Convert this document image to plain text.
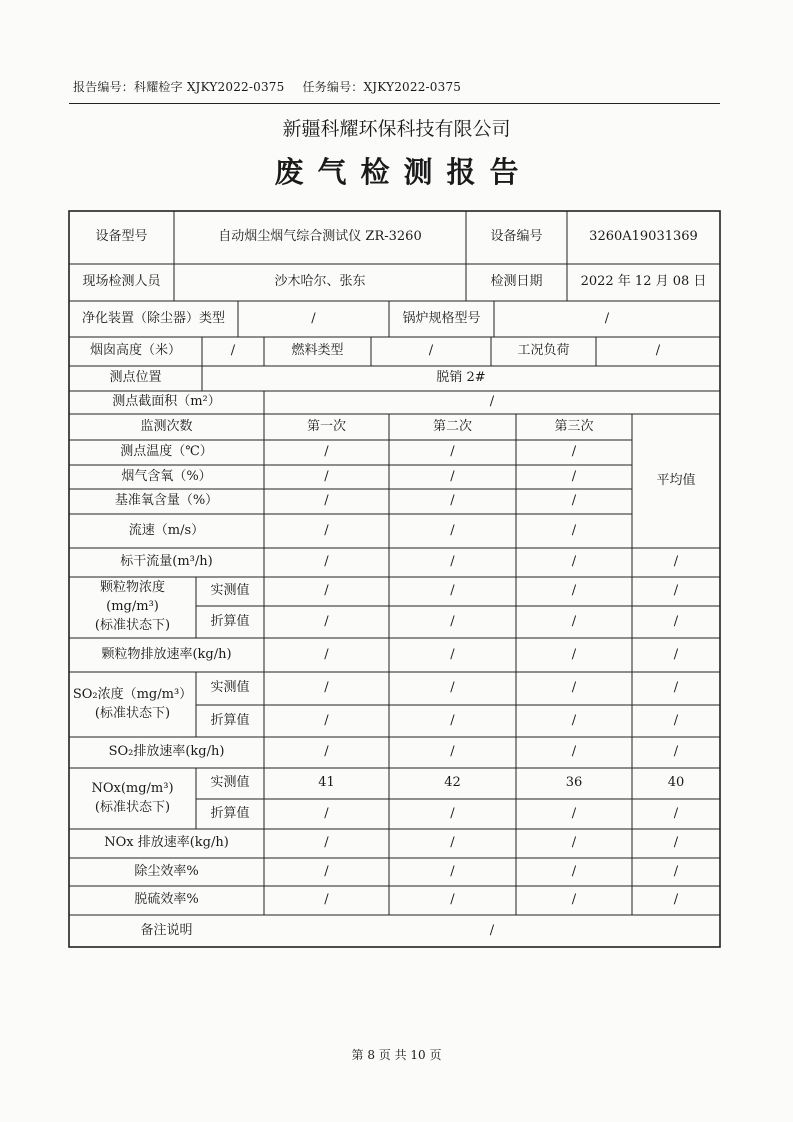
报告编号：科耀检字 XJKY2022-0375 任务编号：XJKY2022-0375
新疆科耀环保科技有限公司
废气检测报告
设备型号	自动烟尘烟气综合测试仪 ZR-3260	设备编号	3260A19031369
现场检测人员	沙木哈尔、张东	检测日期	2022 年 12 月 08 日
净化装置（除尘器）类型	/	锅炉规格型号	/
烟囱高度（米）	/	燃料类型	/	工况负荷	/
测点位置	脱销 2#
测点截面积（m²）	/
监测次数	第一次	第二次	第三次
平均值
测点温度（℃）	/	/	/
烟气含氧（%）	/	/	/
基准氧含量（%）	/	/	/
流速（m/s）	/	/	/
标干流量(m³/h)	/	/	/	/
颗粒物浓度
(mg/m³)
(标准状态下)
实测值	/	/	/	/
折算值	/	/	/	/
颗粒物排放速率(kg/h)	/	/	/	/
SO₂浓度（mg/m³）
(标准状态下)
实测值	/	/	/	/
折算值	/	/	/	/
SO₂排放速率(kg/h)	/	/	/	/
NOx(mg/m³)
(标准状态下)
实测值	41	42	36	40
折算值	/	/	/	/
NOx 排放速率(kg/h)	/	/	/	/
除尘效率%	/	/	/	/
脱硫效率%	/	/	/	/
备注说明	/
第 8 页 共 10 页
